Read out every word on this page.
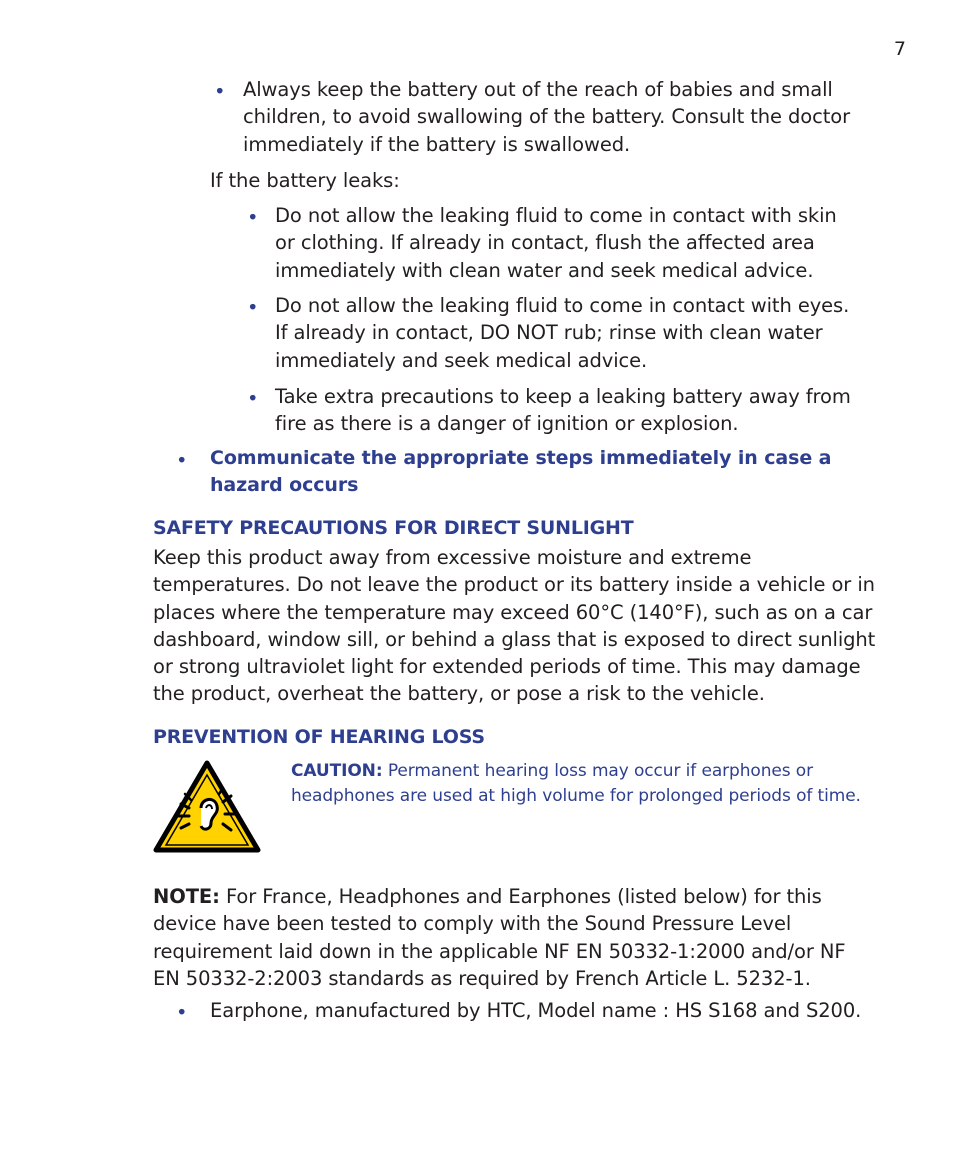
7
• Always keep the battery out of the reach of babies and small children, to avoid swallowing of the battery. Consult the doctor immediately if the battery is swallowed.
If the battery leaks:
• Do not allow the leaking fluid to come in contact with skin or clothing. If already in contact, flush the affected area immediately with clean water and seek medical advice.
• Do not allow the leaking fluid to come in contact with eyes. If already in contact, DO NOT rub; rinse with clean water immediately and seek medical advice.
• Take extra precautions to keep a leaking battery away from fire as there is a danger of ignition or explosion.
• Communicate the appropriate steps immediately in case a hazard occurs
SAFETY PRECAUTIONS FOR DIRECT SUNLIGHT
Keep this product away from excessive moisture and extreme temperatures. Do not leave the product or its battery inside a vehicle or in places where the temperature may exceed 60°C (140°F), such as on a car dashboard, window sill, or behind a glass that is exposed to direct sunlight or strong ultraviolet light for extended periods of time. This may damage the product, overheat the battery, or pose a risk to the vehicle.
PREVENTION OF HEARING LOSS
CAUTION: Permanent hearing loss may occur if earphones or headphones are used at high volume for prolonged periods of time.
NOTE: For France, Headphones and Earphones (listed below) for this device have been tested to comply with the Sound Pressure Level requirement laid down in the applicable NF EN 50332-1:2000 and/or NF EN 50332-2:2003 standards as required by French Article L. 5232-1.
• Earphone, manufactured by HTC, Model name : HS S168 and S200.
